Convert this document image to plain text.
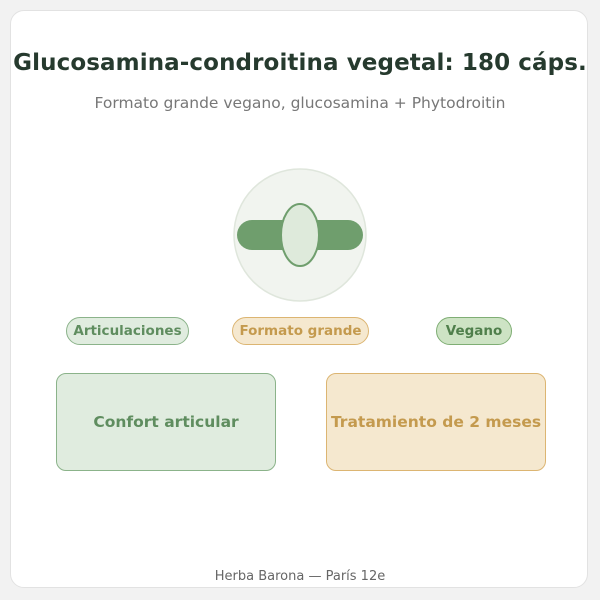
Glucosamina-condroitina vegetal: 180 cáps.
Formato grande vegano, glucosamina + Phytodroitin
Articulaciones	Formato grande	Vegano
Confort articular	Tratamiento de 2 meses
Herba Barona — París 12e
